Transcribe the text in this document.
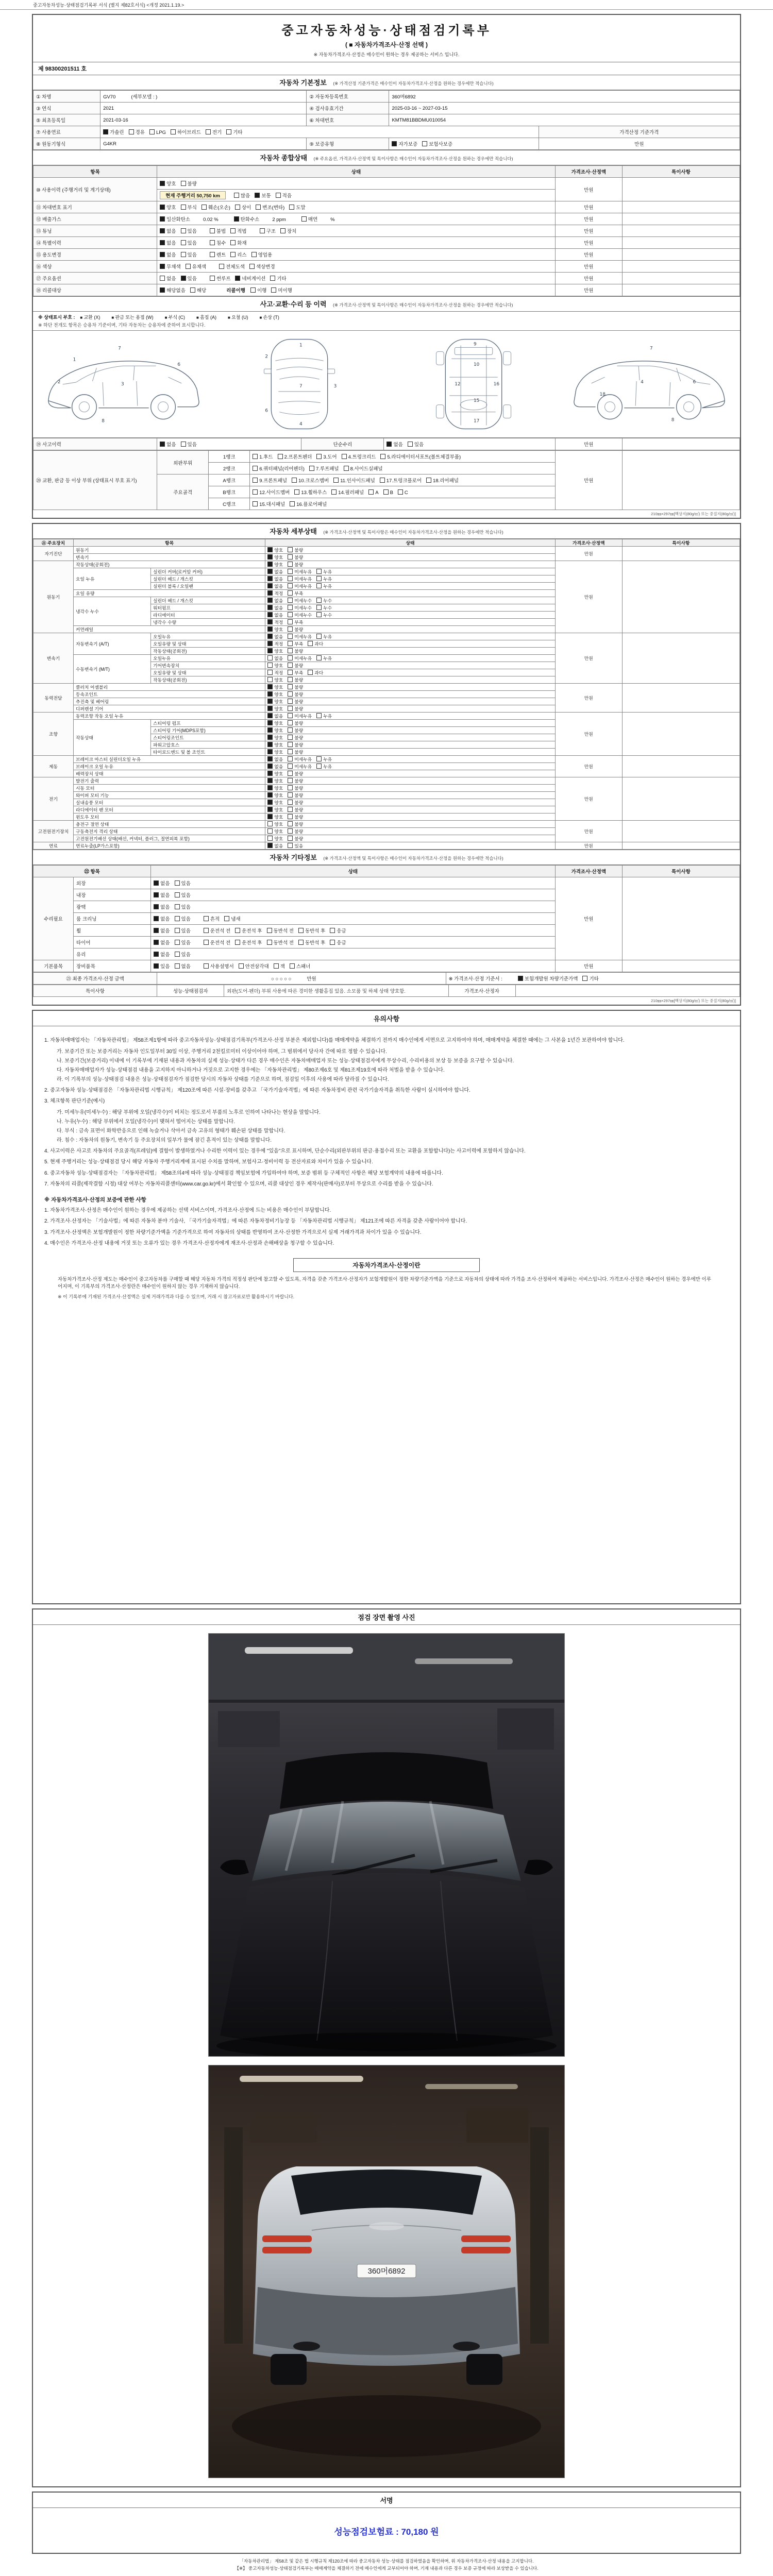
중고자동차성능·상태점검기록부 서식 (별지 제82호서식) <개정 2021.1.19.>
중고자동차성능·상태점검기록부
( ■ 자동차가격조사·산정 선택 )
※ 자동차가격조사·산정은 매수인이 원하는 경우 제공하는 서비스 입니다.
제 98300201511 호
자동차 기본정보 (※ 가격산정 기준가격은 매수인이 자동차가격조사·산정을 원하는 경우에만 적습니다)
① 차명	GV70 (세부모델 : )	② 자동차등록번호	360머6892	
③ 연식	2021	④ 검사유효기간	2025-03-16 ~ 2027-03-15	
⑤ 최초등록일	2021-03-16	⑥ 차대번호	KMTM81BBDMU010054	
⑦ 사용연료	가솔린 경유 LPG 하이브리드 전기 기타			가격산정 기준가격
⑧ 원동기형식	G4KR	⑨ 보증유형	자가보증 보험사보증	만원
자동차 종합상태 (※ 주요옵션, 가격조사·산정액 및 특이사항은 매수인이 자동차가격조사·산정을 원하는 경우에만 적습니다)
항목	상태	가격조사·산정액	특이사항
⑩ 사용이력 (주행거리 및 계기상태)	양호 불량	만원	
	현재 주행거리 50,750 km 많음 보통 적음		
⑪ 차대번호 표기	양호 부식 훼손(오손) 상이 변조(변타) 도말	만원	
⑫ 배출가스	일산화탄소 0.02 % 탄화수소 2 ppm 매연 %	만원	
⑬ 튜닝	없음 있음 불법 적법 구조 장치	만원	
⑭ 특별이력	없음 있음 침수 화재	만원	
⑮ 용도변경	없음 있음 렌트 리스 영업용	만원	
⑯ 색상	무채색 유채색 전체도색 색상변경	만원	
⑰ 주요옵션	없음 있음 썬루프 네비게이션 기타	만원	
⑱ 리콜대상	해당없음 해당 리콜이행 이행 미이행	만원	
사고·교환·수리 등 이력 (※ 가격조사·산정액 및 특이사항은 매수인이 자동차가격조사·산정을 원하는 경우에만 적습니다)
※ 상태표시 부호 : ■ 교환 (X)	■ 판금 또는 용접 (W)	■ 부식 (C)	■ 흠집 (A)	■ 요철 (U)	■ 손상 (T)
※ 하단 전개도 항목은 승용차 기준이며, 기타 자동차는 승용차에 준하여 표시합니다.
7
1
2	3
6
8
1
7
4
2
6
3
9
10
12	16
15
17
7
6
4
18
8
⑲ 사고이력	없음 있음	단순수리	없음 있음	만원	
⑳ 교환, 판금 등 이상 부위 (상태표시 부호 표기)	외판부위	1랭크	1.후드 2.프론트펜더 3.도어 4.트렁크리드 5.라디에이터서포트(볼트체결부품)	만원	
		2랭크	6.쿼터패널(리어펜더) 7.루프패널 8.사이드실패널		
	주요골격	A랭크	9.프론트패널 10.크로스멤버 11.인사이드패널 17.트렁크플로어 18.리어패널		
		B랭크	12.사이드멤버 13.휠하우스 14.필러패널 A B C		
		C랭크	15.대시패널 16.플로어패널		
210㎜×297㎜[백상지(80g/㎡) 또는 중질지(80g/㎡)]
자동차 세부상태 (※ 가격조사·산정액 및 특이사항은 매수인이 자동차가격조사·산정을 원하는 경우에만 적습니다)
㉑ 주요장치	항목		상태	가격조사·산정액	특이사항
자기진단	원동기		양호 불량	만원	
	변속기		양호 불량		
원동기	작동상태(공회전)		양호 불량	만원	
	오일 누유	실린더 커버(로커암 커버)	없음 미세누유 누유		
		실린더 헤드 / 개스킷	없음 미세누유 누유		
		실린더 블록 / 오일팬	없음 미세누유 누유		
	오일 유량		적정 부족		
	냉각수 누수	실린더 헤드 / 개스킷	없음 미세누수 누수		
		워터펌프	없음 미세누수 누수		
		라디에이터	없음 미세누수 누수		
		냉각수 수량	적정 부족		
	커먼레일		양호 불량		
변속기	자동변속기 (A/T)	오일누유	없음 미세누유 누유	만원	
		오일유량 및 상태	적정 부족 과다		
		작동상태(공회전)	양호 불량		
	수동변속기 (M/T)	오일누유	없음 미세누유 누유		
		기어변속장치	양호 불량		
		오일유량 및 상태	적정 부족 과다		
		작동상태(공회전)	양호 불량		
동력전달	클러치 어셈블리		양호 불량	만원	
	등속조인트		양호 불량		
	추진축 및 베어링		양호 불량		
	디퍼렌셜 기어		양호 불량		
조향	동력조향 작동 오일 누유		없음 미세누유 누유	만원	
	작동상태	스티어링 펌프	양호 불량		
		스티어링 기어(MDPS포함)	양호 불량		
		스티어링조인트	양호 불량		
		파워고압호스	양호 불량		
		타이로드엔드 및 볼 조인트	양호 불량		
제동	브레이크 마스터 실린더오일 누유		없음 미세누유 누유	만원	
	브레이크 오일 누유		없음 미세누유 누유		
	배력장치 상태		양호 불량		
전기	발전기 출력		양호 불량	만원	
	시동 모터		양호 불량		
	와이퍼 모터 기능		양호 불량		
	실내송풍 모터		양호 불량		
	라디에이터 팬 모터		양호 불량		
	윈도우 모터		양호 불량		
고전원전기장치	충전구 절연 상태		양호 불량	만원	
	구동축전지 격리 상태		양호 불량		
	고전원전기배선 상태(배선, 커넥터, 플러그, 절연피복 포함)		양호 불량		
연료	연료누출(LP가스포함)		없음 있음	만원	
자동차 기타정보 (※ 가격조사·산정액 및 특이사항은 매수인이 자동차가격조사·산정을 원하는 경우에만 적습니다)
㉒ 항목		상태	가격조사·산정액	특이사항
수리필요	외장	없음 있음	만원	
	내장	없음 있음		
	광택	없음 있음		
	룸 크리닝	없음 있음 흔적 냄새		
	휠	없음 있음 운전석 전 운전석 후 동반석 전 동반석 후 응급		
	타이어	없음 있음 운전석 전 운전석 후 동반석 전 동반석 후 응급		
	유리	없음 있음		
기본품목	장비품목	있음 없음 사용설명서 안전삼각대 잭 스패너	만원	
㉓ 최종 가격조사·산정 금액	○ ○ ○ ○ ○	만원	※ 가격조사·산정 기준서 :	보험개발원 차량기준가액 기타
특이사항	성능·상태점검자	외판(도어·펜더) 부위 사용에 따른 경미한 생활흠집 있음. 소모품 및 하체 상태 양호함.	가격조사·산정자	
210㎜×297㎜[백상지(80g/㎡) 또는 중질지(80g/㎡)]
유의사항
1. 자동차매매업자는 「자동차관리법」 제58조제1항에 따라 중고자동차성능·상태점검기록부(가격조사·산정 부분은 제외합니다)를 매매계약을 체결하기 전까지 매수인에게 서면으로 고지하여야 하며, 매매계약을 체결한 때에는 그 사본을 1년간 보관하여야 합니다.
가. 보증기간 또는 보증거리는 자동차 인도일부터 30일 이상, 주행거리 2천킬로미터 이상이어야 하며, 그 범위에서 당사자 간에 따로 정할 수 있습니다.
나. 보증기간(보증거리) 이내에 이 기록부에 기재된 내용과 자동차의 실제 성능·상태가 다른 경우 매수인은 자동차매매업자 또는 성능·상태점검자에게 무상수리, 수리비용의 보상 등 보증을 요구할 수 있습니다.
다. 자동차매매업자가 성능·상태점검 내용을 고지하지 아니하거나 거짓으로 고지한 경우에는 「자동차관리법」 제80조제6호 및 제81조제19호에 따라 처벌을 받을 수 있습니다.
라. 이 기록부의 성능·상태점검 내용은 성능·상태점검자가 점검한 당시의 자동차 상태를 기준으로 하며, 점검일 이후의 사용에 따라 달라질 수 있습니다.
2. 중고자동차 성능·상태점검은 「자동차관리법 시행규칙」 제120조에 따른 시설·장비를 갖추고 「국가기술자격법」에 따른 자동차정비 관련 국가기술자격을 취득한 사람이 실시하여야 합니다.
3. 체크항목 판단기준(예시)
가. 미세누유(미세누수) : 해당 부위에 오일(냉각수)이 비치는 정도로서 부품의 노후로 인하여 나타나는 현상을 말합니다.
나. 누유(누수) : 해당 부위에서 오일(냉각수)이 맺혀서 떨어지는 상태를 말합니다.
다. 부식 : 금속 표면이 화학반응으로 인해 녹슬거나 삭아서 금속 고유의 형태가 훼손된 상태를 말합니다.
라. 침수 : 자동차의 원동기, 변속기 등 주요장치의 일부가 물에 잠긴 흔적이 있는 상태를 말합니다.
4. 사고이력은 사고로 자동차의 주요골격(프레임)에 결함이 발생하였거나 수리한 이력이 있는 경우에 "있음"으로 표시하며, 단순수리(외판부위의 판금·용접수리 또는 교환을 포함합니다)는 사고이력에 포함하지 않습니다.
5. 현재 주행거리는 성능·상태점검 당시 해당 자동차 주행거리계에 표시된 수치를 말하며, 보험사고·정비이력 등 전산자료와 차이가 있을 수 있습니다.
6. 중고자동차 성능·상태점검자는 「자동차관리법」 제58조의4에 따라 성능·상태점검 책임보험에 가입하여야 하며, 보증 범위 등 구체적인 사항은 해당 보험계약의 내용에 따릅니다.
7. 자동차의 리콜(제작결함 시정) 대상 여부는 자동차리콜센터(www.car.go.kr)에서 확인할 수 있으며, 리콜 대상인 경우 제작사(판매사)로부터 무상으로 수리를 받을 수 있습니다.
※ 자동차가격조사·산정의 보증에 관한 사항
1. 자동차가격조사·산정은 매수인이 원하는 경우에 제공하는 선택 서비스이며, 가격조사·산정에 드는 비용은 매수인이 부담합니다.
2. 가격조사·산정자는 「기술사법」에 따른 자동차 분야 기술사, 「국가기술자격법」에 따른 자동차정비기능장 등 「자동차관리법 시행규칙」 제121조에 따른 자격을 갖춘 사람이어야 합니다.
3. 가격조사·산정액은 보험개발원이 정한 차량기준가액을 기준가격으로 하여 자동차의 상태를 반영하여 조사·산정한 가격으로서 실제 거래가격과 차이가 있을 수 있습니다.
4. 매수인은 가격조사·산정 내용에 거짓 또는 오류가 있는 경우 가격조사·산정자에게 재조사·산정과 손해배상을 청구할 수 있습니다.
자동차가격조사·산정이란
자동차가격조사·산정 제도는 매수인이 중고자동차를 구매할 때 해당 자동차 가격의 적정성 판단에 참고할 수 있도록, 자격을 갖춘 가격조사·산정자가 보험개발원이 정한 차량기준가액을 기준으로 자동차의 상태에 따라 가격을 조사·산정하여 제공하는 서비스입니다. 가격조사·산정은 매수인이 원하는 경우에만 이루어지며, 이 기록부의 가격조사·산정란은 매수인이 원하지 않는 경우 기재하지 않습니다.
※ 이 기록부에 기재된 가격조사·산정액은 실제 거래가격과 다를 수 있으며, 거래 시 참고자료로만 활용하시기 바랍니다.
점검 장면 촬영 사진
360머6892
서명
성능점검보험료 : 70,180 원
「자동차관리법」 제58조 및 같은 법 시행규칙 제120조에 따라 중고자동차 성능·상태를 점검하였음을 확인하며, 위 자동차가격조사·산정 내용을 고지합니다.
【※】 중고자동차성능·상태점검기록부는 매매계약을 체결하기 전에 매수인에게 교부되어야 하며, 기재 내용과 다른 경우 보증 규정에 따라 보상받을 수 있습니다.
